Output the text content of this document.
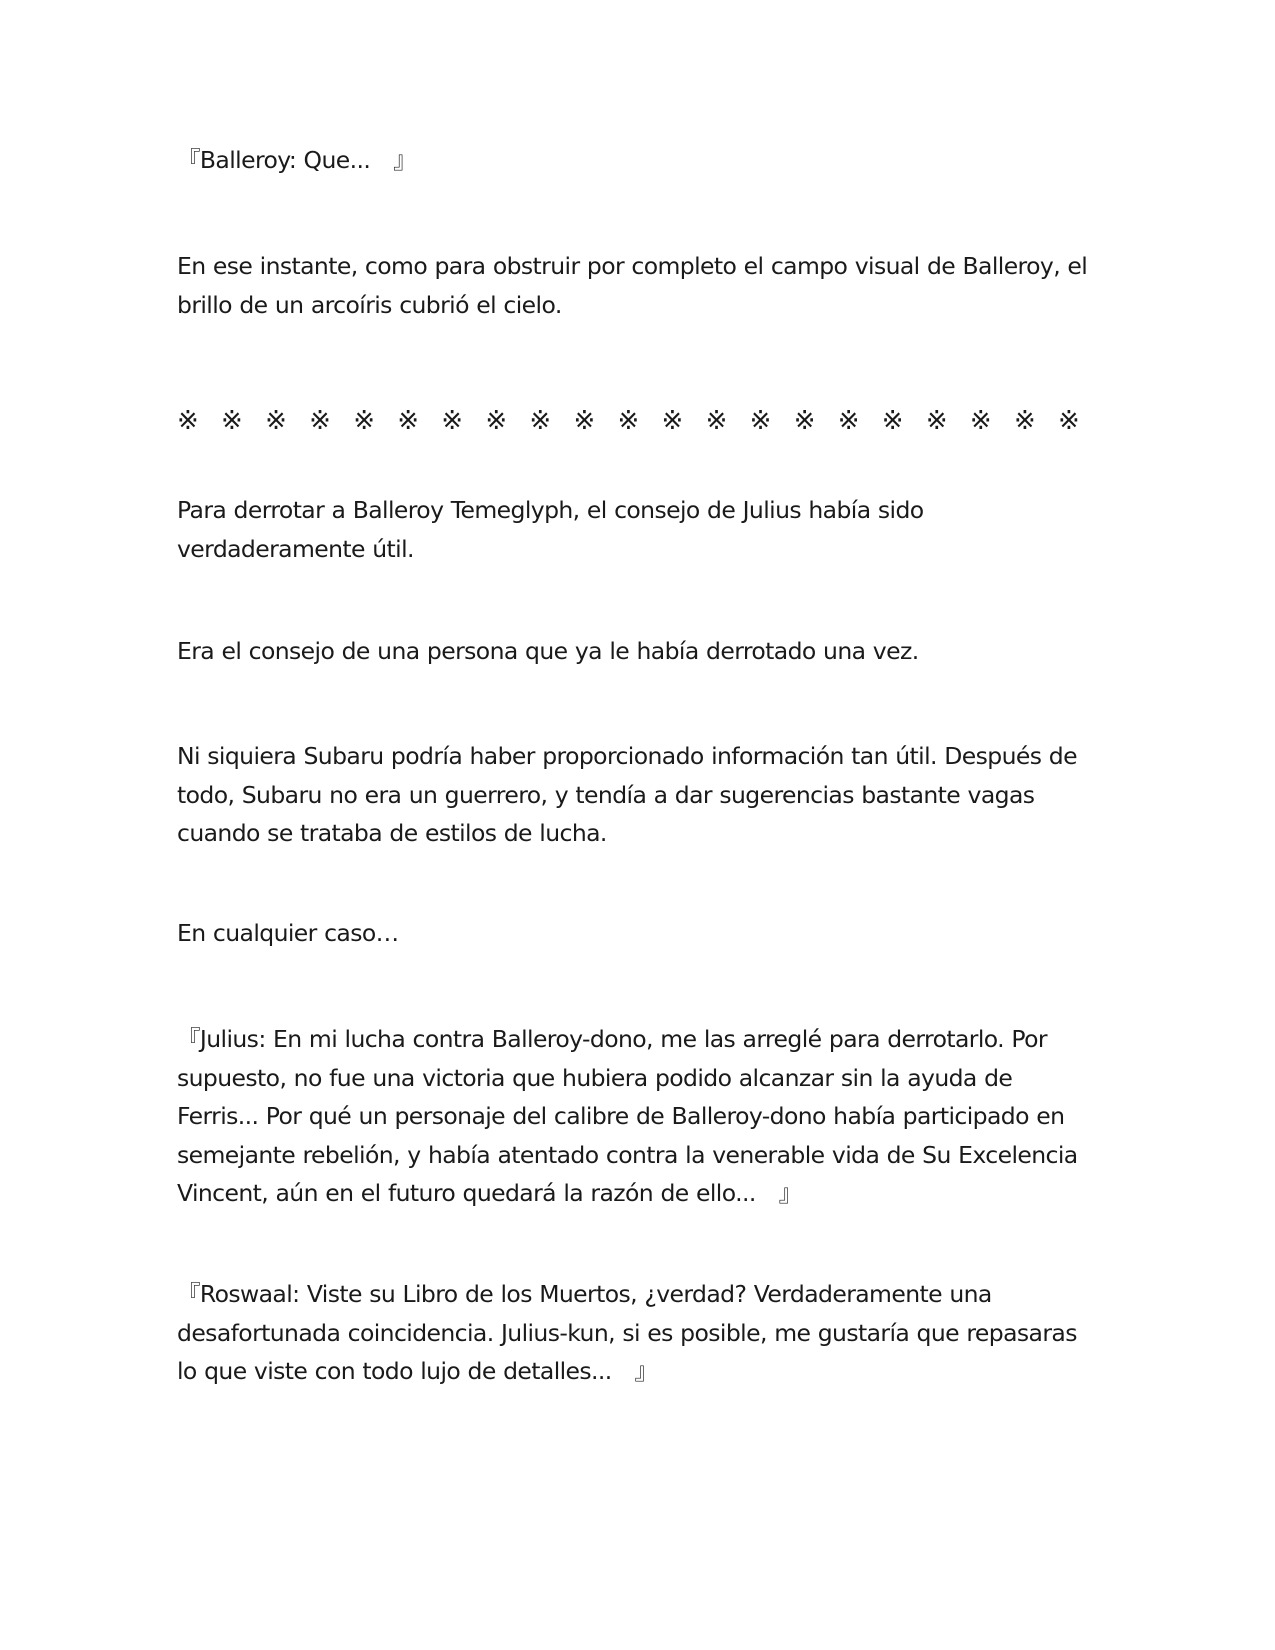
『Balleroy: Que...　』

En ese instante, como para obstruir por completo el campo visual de Balleroy, el brillo de un arcoíris cubrió el cielo.

※ ※ ※ ※ ※ ※ ※ ※ ※ ※ ※ ※ ※ ※ ※ ※ ※ ※ ※ ※ ※

Para derrotar a Balleroy Temeglyph, el consejo de Julius había sido verdaderamente útil.

Era el consejo de una persona que ya le había derrotado una vez.

Ni siquiera Subaru podría haber proporcionado información tan útil. Después de todo, Subaru no era un guerrero, y tendía a dar sugerencias bastante vagas cuando se trataba de estilos de lucha.

En cualquier caso…

『Julius: En mi lucha contra Balleroy-dono, me las arreglé para derrotarlo. Por supuesto, no fue una victoria que hubiera podido alcanzar sin la ayuda de Ferris... Por qué un personaje del calibre de Balleroy-dono había participado en semejante rebelión, y había atentado contra la venerable vida de Su Excelencia Vincent, aún en el futuro quedará la razón de ello...　』

『Roswaal: Viste su Libro de los Muertos, ¿verdad? Verdaderamente una desafortunada coincidencia. Julius-kun, si es posible, me gustaría que repasaras lo que viste con todo lujo de detalles...　』
